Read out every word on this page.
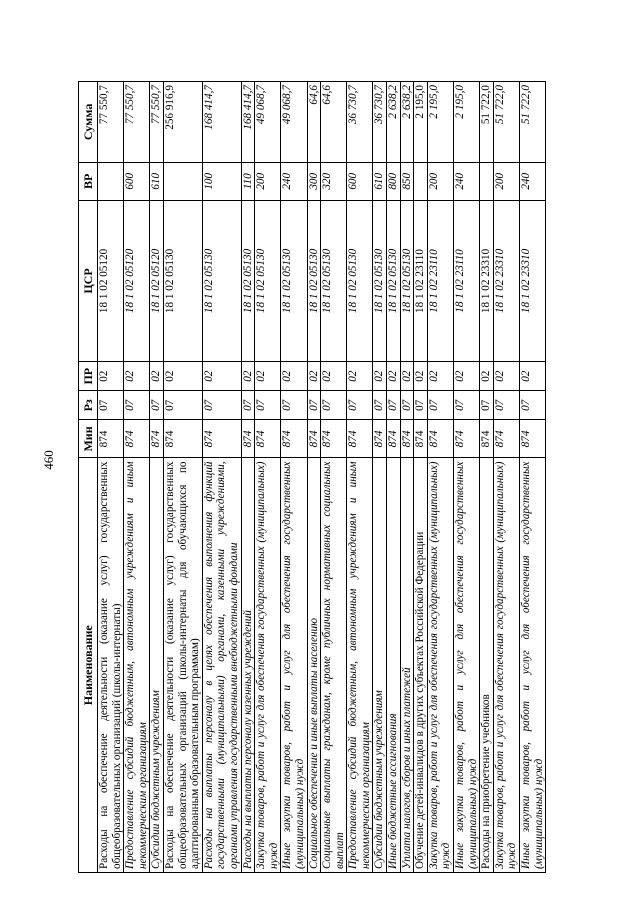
460
Наименование	Мин	Рз	ПР	ЦСР	ВР	Сумма
Расходы на обеспечение деятельности (оказание услуг) государственных общеобразовательных организаций (школы-интернаты)	874	07	02	18 1 02 05120		77 550,7
Предоставление субсидий бюджетным, автономным учреждениям и иным некоммерческим организациям	874	07	02	18 1 02 05120	600	77 550,7
Субсидии бюджетным учреждениям	874	07	02	18 1 02 05120	610	77 550,7
Расходы на обеспечение деятельности (оказание услуг) государственных общеобразовательных организаций (школы-интернаты для обучающихся по адаптированным образовательным программам)	874	07	02	18 1 02 05130		256 916,9
Расходы на выплаты персоналу в целях обеспечения выполнения функций государственными (муниципальными) органами, казенными учреждениями, органами управления государственными внебюджетными фондами	874	07	02	18 1 02 05130	100	168 414,7
Расходы на выплаты персоналу казенных учреждений	874	07	02	18 1 02 05130	110	168 414,7
Закупка товаров, работ и услуг для обеспечения государственных (муниципальных) нужд	874	07	02	18 1 02 05130	200	49 068,7
Иные закупки товаров, работ и услуг для обеспечения государственных (муниципальных) нужд	874	07	02	18 1 02 05130	240	49 068,7
Социальное обеспечение и иные выплаты населению	874	07	02	18 1 02 05130	300	64,6
Социальные выплаты гражданам, кроме публичных нормативных социальных выплат	874	07	02	18 1 02 05130	320	64,6
Предоставление субсидий бюджетным, автономным учреждениям и иным некоммерческим организациям	874	07	02	18 1 02 05130	600	36 730,7
Субсидии бюджетным учреждениям	874	07	02	18 1 02 05130	610	36 730,7
Иные бюджетные ассигнования	874	07	02	18 1 02 05130	800	2 638,2
Уплата налогов, сборов и иных платежей	874	07	02	18 1 02 05130	850	2 638,2
Обучение детей-инвалидов в других субъектах Российской Федерации	874	07	02	18 1 02 23110		2 195,0
Закупка товаров, работ и услуг для обеспечения государственных (муниципальных) нужд	874	07	02	18 1 02 23110	200	2 195,0
Иные закупки товаров, работ и услуг для обеспечения государственных (муниципальных) нужд	874	07	02	18 1 02 23110	240	2 195,0
Расходы на приобретение учебников	874	07	02	18 1 02 23310		51 722,0
Закупка товаров, работ и услуг для обеспечения государственных (муниципальных) нужд	874	07	02	18 1 02 23310	200	51 722,0
Иные закупки товаров, работ и услуг для обеспечения государственных (муниципальных) нужд	874	07	02	18 1 02 23310	240	51 722,0
